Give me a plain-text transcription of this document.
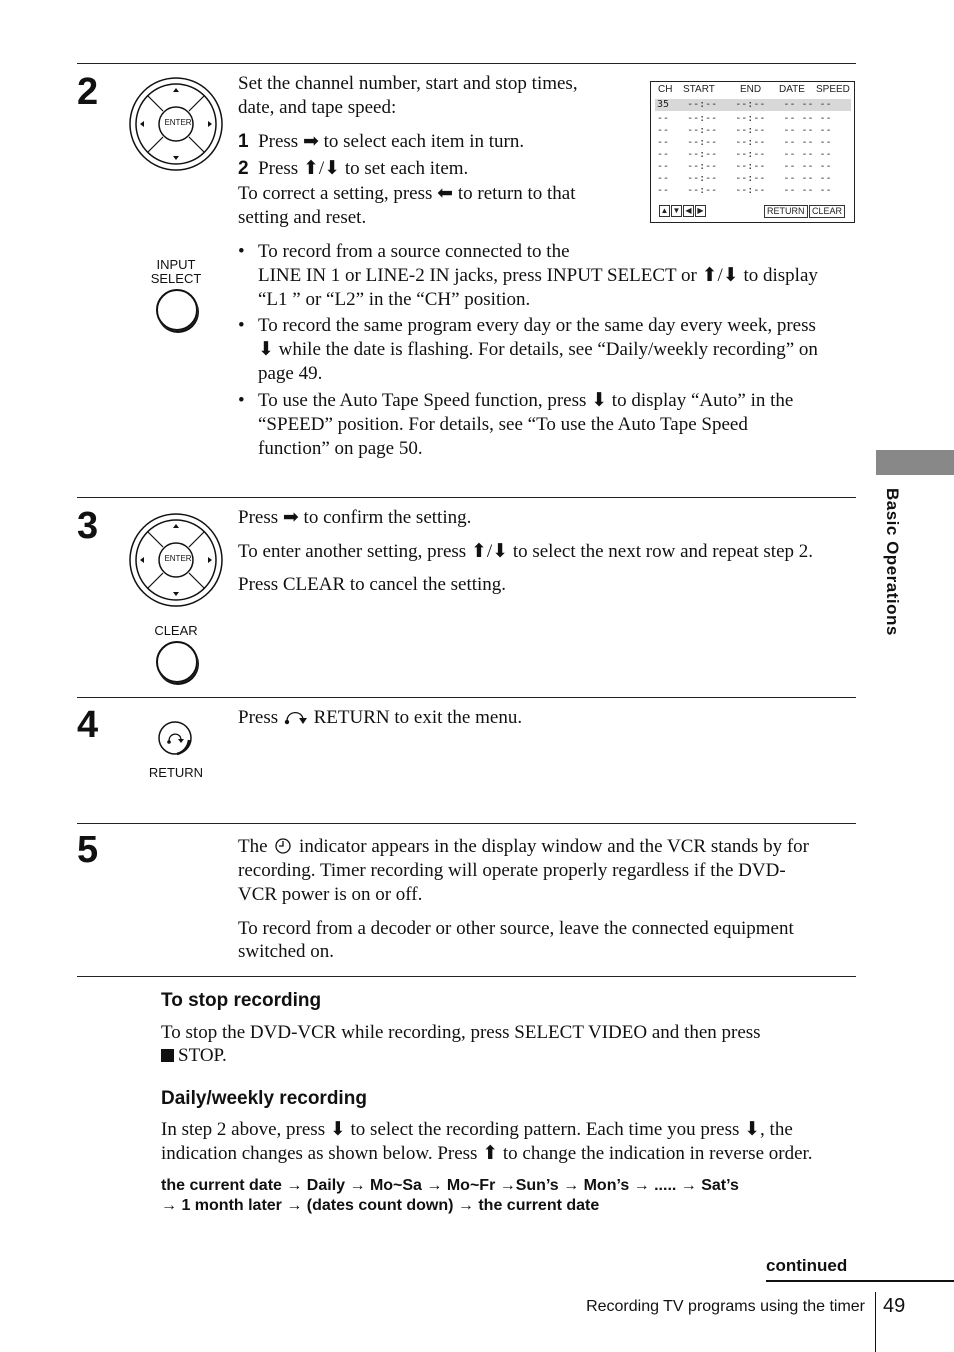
2
ENTER
Set the channel number, start and stop times,
date, and tape speed:
1 Press ➡ to select each item in turn.
2 Press ⬆/⬇ to set each item.
To correct a setting, press ⬅ to return to that
setting and reset.
CH START	END DATE SPEED
35   --:--   --:--   -- -- --
--   --:--   --:--   -- -- --
--   --:--   --:--   -- -- --
--   --:--   --:--   -- -- --
--   --:--   --:--   -- -- --
--   --:--   --:--   -- -- --
--   --:--   --:--   -- -- --
--   --:--   --:--   -- -- --
▲ ▼ ◀ ▶	RETURN CLEAR
INPUT
SELECT
• To record from a source connected to the
LINE IN 1 or LINE-2 IN jacks, press INPUT SELECT or ⬆/⬇ to display
“L1 ” or “L2” in the “CH” position.
• To record the same program every day or the same day every week, press
⬇ while the date is flashing. For details, see “Daily/weekly recording” on
page 49.
• To use the Auto Tape Speed function, press ⬇ to display “Auto” in the
“SPEED” position. For details, see “To use the Auto Tape Speed
function” on page 50.
Basic Operations
3
ENTER
Press ➡ to confirm the setting.
To enter another setting, press ⬆/⬇ to select the next row and repeat step 2.
Press CLEAR to cancel the setting.
CLEAR
4
RETURN
Press RETURN to exit the menu.
5	The indicator appears in the display window and the VCR stands by for
recording. Timer recording will operate properly regardless if the DVD-
VCR power is on or off.
To record from a decoder or other source, leave the connected equipment
switched on.
To stop recording
To stop the DVD-VCR while recording, press SELECT VIDEO and then press
STOP.
Daily/weekly recording
In step 2 above, press ⬇ to select the recording pattern. Each time you press ⬇, the
indication changes as shown below. Press ⬆ to change the indication in reverse order.
the current date → Daily → Mo~Sa → Mo~Fr →Sun’s → Mon’s → ..... → Sat’s
→ 1 month later → (dates count down) → the current date
continued
Recording TV programs using the timer 49
